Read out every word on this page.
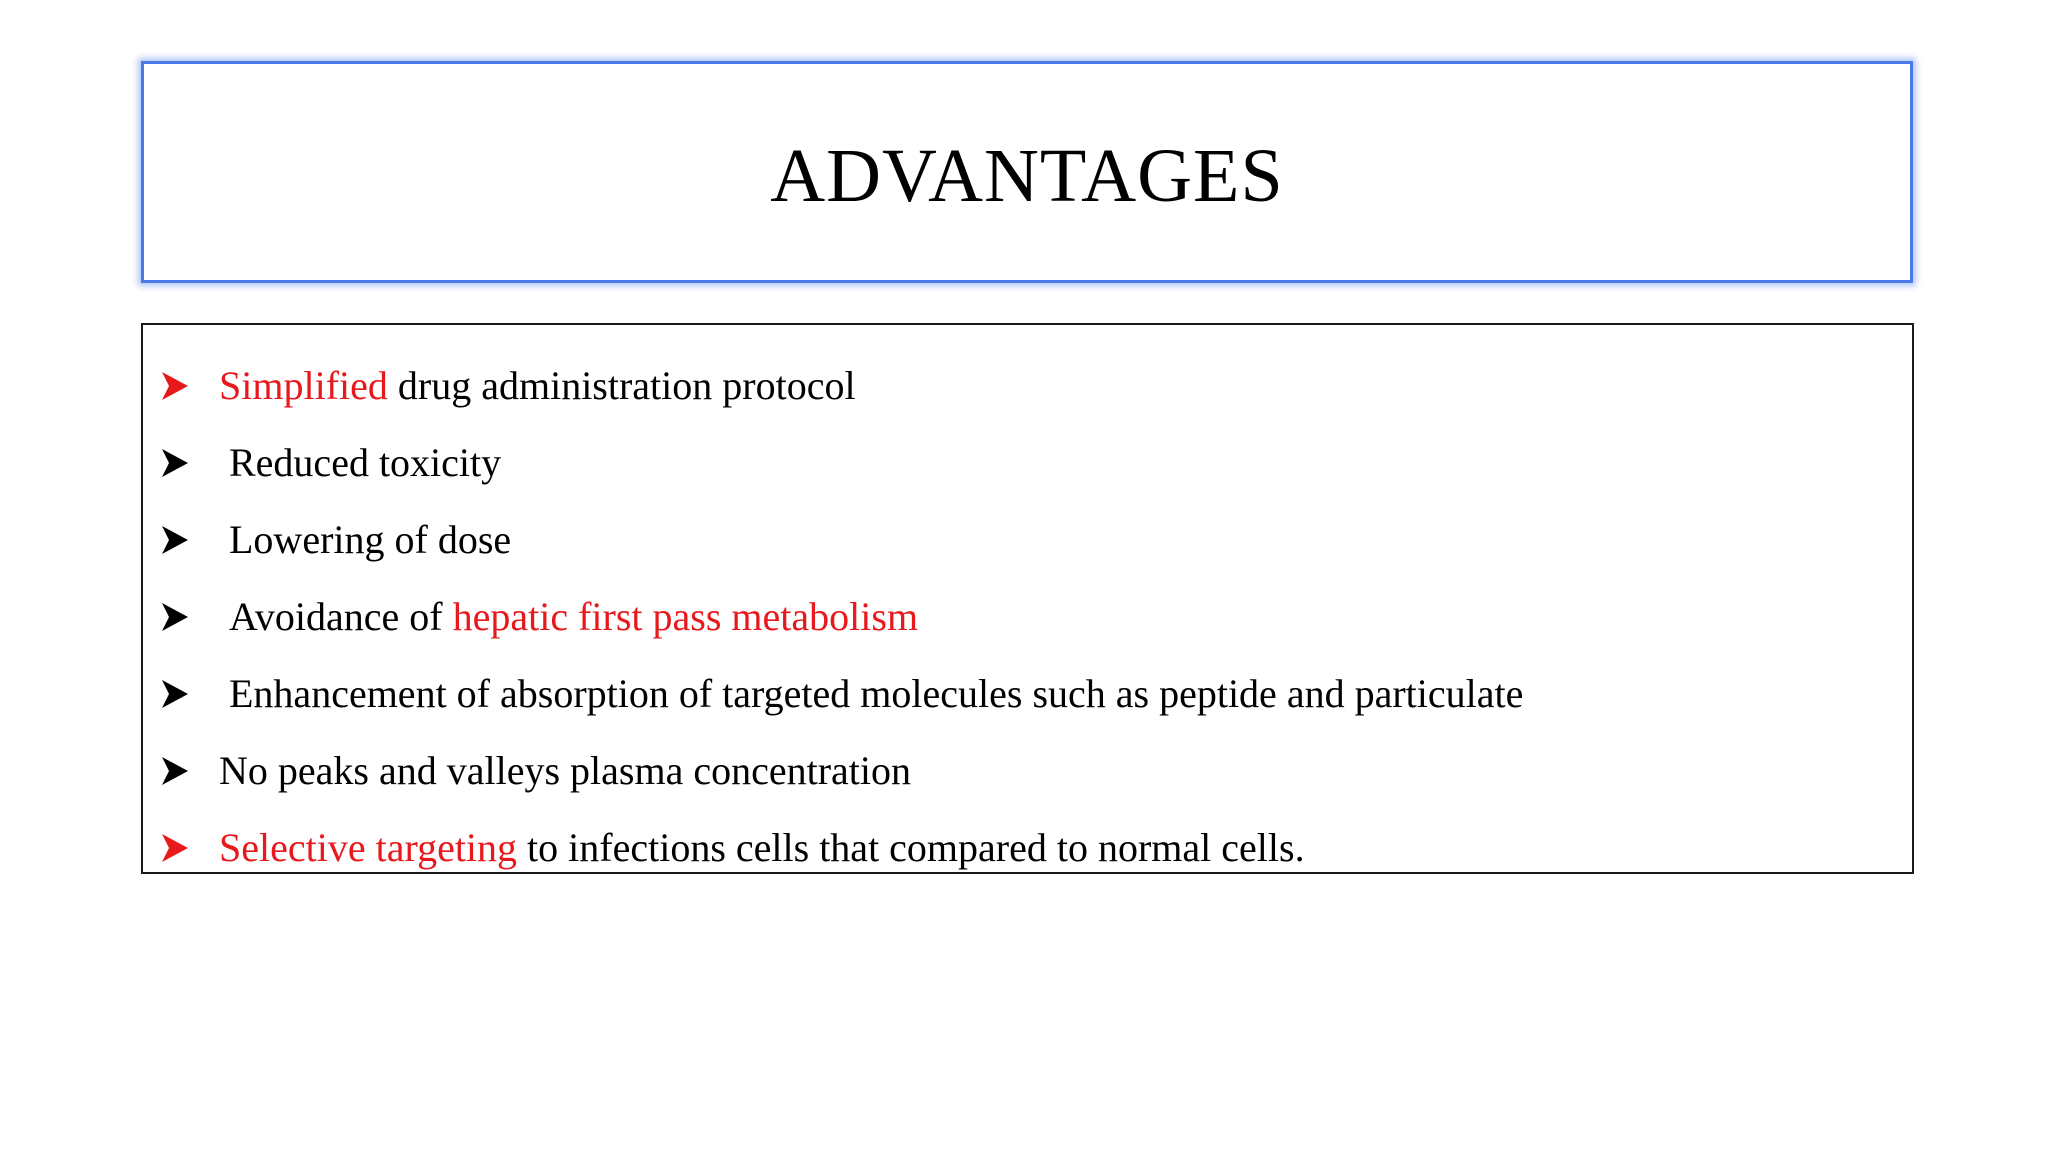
ADVANTAGES
Simplified drug administration protocol
Reduced toxicity
Lowering of dose
Avoidance of hepatic first pass metabolism
Enhancement of absorption of targeted molecules such as peptide and particulate
No peaks and valleys plasma concentration
Selective targeting to infections cells that compared to normal cells.
